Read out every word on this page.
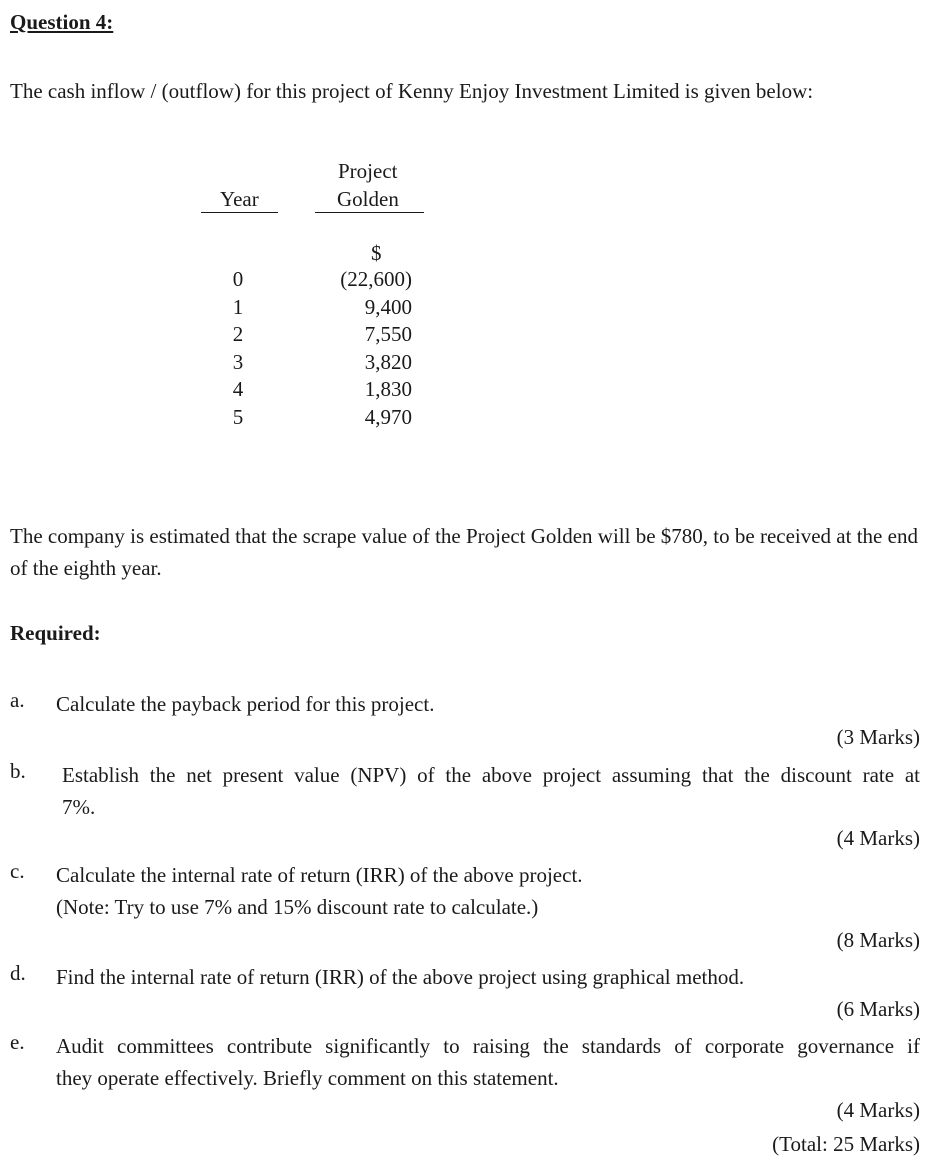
Question 4:
The cash inflow / (outflow) for this project of Kenny Enjoy Investment Limited is given below:
Project
Year	Golden
$
0
1
2
3
4
5
(22,600)
9,400
7,550
3,820
1,830
4,970
The company is estimated that the scrape value of the Project Golden will be $780, to be received at the end of the eighth year.
Required:
a. Calculate the payback period for this project.
(3 Marks)
b. Establish the net present value (NPV) of the above project assuming that the discount rate at
7%.
(4 Marks)
c. Calculate the internal rate of return (IRR) of the above project.
(Note: Try to use 7% and 15% discount rate to calculate.)
(8 Marks)
d. Find the internal rate of return (IRR) of the above project using graphical method.
(6 Marks)
e. Audit committees contribute significantly to raising the standards of corporate governance if
they operate effectively. Briefly comment on this statement.
(4 Marks)
(Total: 25 Marks)
